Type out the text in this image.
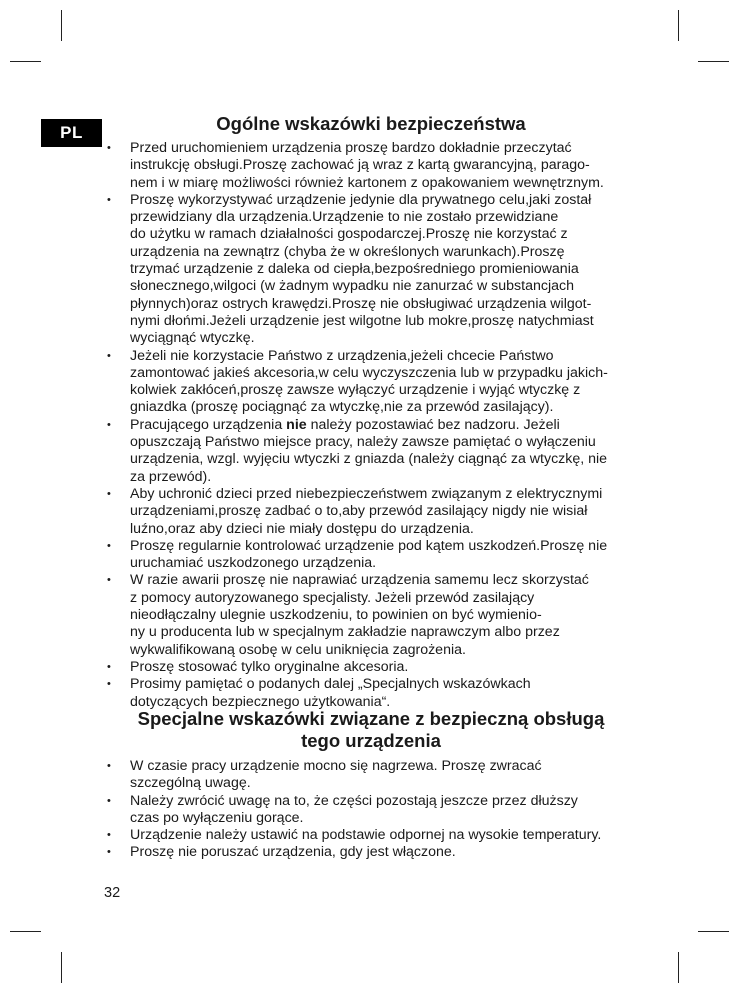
PL	Ogólne wskazówki bezpieczeństwa
• Przed uruchomieniem urządzenia proszę bardzo dokładnie przeczytać
instrukcję obsługi.Proszę zachować ją wraz z kartą gwarancyjną, parago-
nem i w miarę możliwości również kartonem z opakowaniem wewnętrznym.
• Proszę wykorzystywać urządzenie jedynie dla prywatnego celu,jaki został
przewidziany dla urządzenia.Urządzenie to nie zostało przewidziane
do użytku w ramach działalności gospodarczej.Proszę nie korzystać z
urządzenia na zewnątrz (chyba że w określonych warunkach).Proszę
trzymać urządzenie z daleka od ciepła,bezpośredniego promieniowania
słonecznego,wilgoci (w żadnym wypadku nie zanurzać w substancjach
płynnych)oraz ostrych krawędzi.Proszę nie obsługiwać urządzenia wilgot-
nymi dłońmi.Jeżeli urządzenie jest wilgotne lub mokre,proszę natychmiast
wyciągnąć wtyczkę.
• Jeżeli nie korzystacie Państwo z urządzenia,jeżeli chcecie Państwo
zamontować jakieś akcesoria,w celu wyczyszczenia lub w przypadku jakich-
kolwiek zakłóceń,proszę zawsze wyłączyć urządzenie i wyjąć wtyczkę z
gniazdka (proszę pociągnąć za wtyczkę,nie za przewód zasilający).
• Pracującego urządzenia nie należy pozostawiać bez nadzoru. Jeżeli
opuszczają Państwo miejsce pracy, należy zawsze pamiętać o wyłączeniu
urządzenia, wzgl. wyjęciu wtyczki z gniazda (należy ciągnąć za wtyczkę, nie
za przewód).
• Aby uchronić dzieci przed niebezpieczeństwem związanym z elektrycznymi
urządzeniami,proszę zadbać o to,aby przewód zasilający nigdy nie wisiał
luźno,oraz aby dzieci nie miały dostępu do urządzenia.
• Proszę regularnie kontrolować urządzenie pod kątem uszkodzeń.Proszę nie
uruchamiać uszkodzonego urządzenia.
• W razie awarii proszę nie naprawiać urządzenia samemu lecz skorzystać
z pomocy autoryzowanego specjalisty. Jeżeli przewód zasilający
nieodłączalny ulegnie uszkodzeniu, to powinien on być wymienio-
ny u producenta lub w specjalnym zakładzie naprawczym albo przez
wykwalifikowaną osobę w celu uniknięcia zagrożenia.
• Proszę stosować tylko oryginalne akcesoria.
• Prosimy pamiętać o podanych dalej „Specjalnych wskazówkach
dotyczących bezpiecznego użytkowania“.
Specjalne wskazówki związane z bezpieczną obsługą
tego urządzenia
• W czasie pracy urządzenie mocno się nagrzewa. Proszę zwracać
szczególną uwagę.
• Należy zwrócić uwagę na to, że części pozostają jeszcze przez dłuższy
czas po wyłączeniu gorące.
• Urządzenie należy ustawić na podstawie odpornej na wysokie temperatury.
• Proszę nie poruszać urządzenia, gdy jest włączone.
32
